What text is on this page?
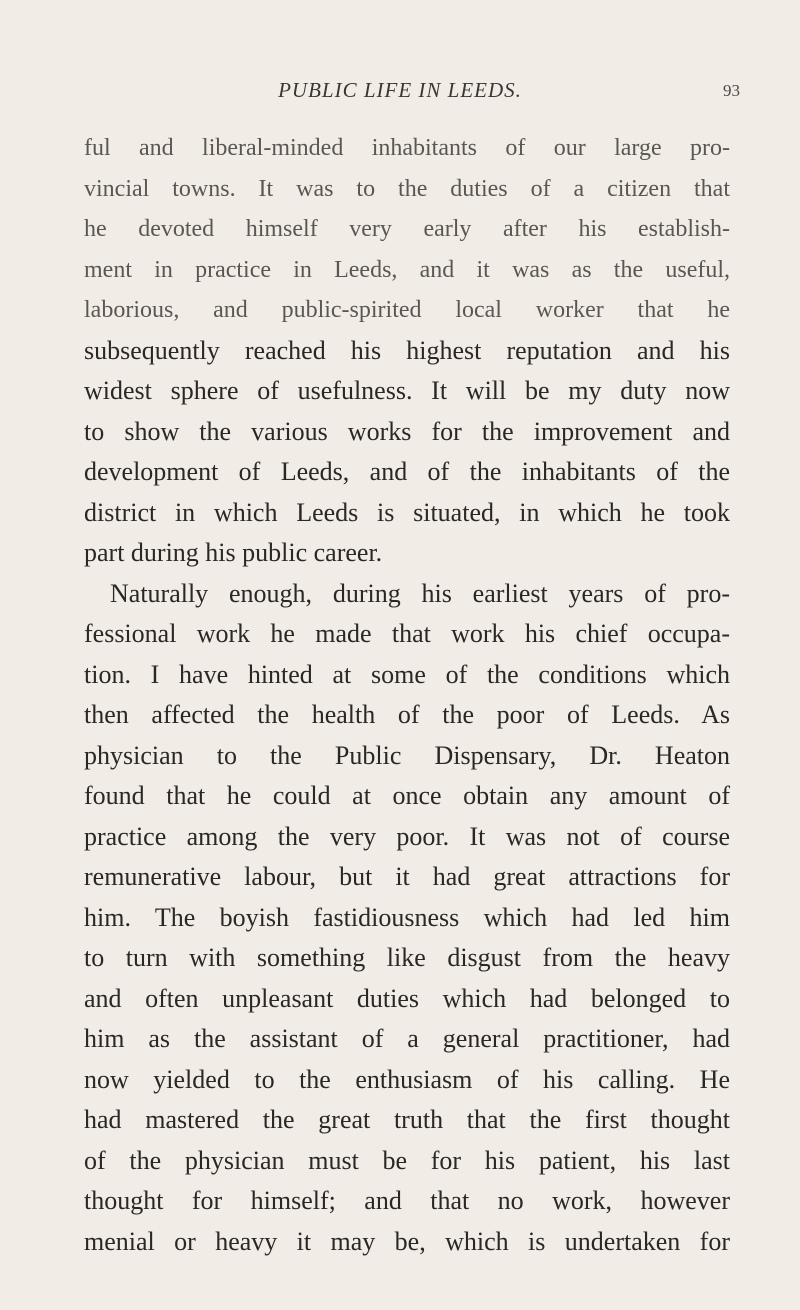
PUBLIC LIFE IN LEEDS.	93
ful and liberal-minded inhabitants of our large pro-
vincial towns. It was to the duties of a citizen that
he devoted himself very early after his establish-
ment in practice in Leeds, and it was as the useful,
laborious, and public-spirited local worker that he
subsequently reached his highest reputation and his
widest sphere of usefulness. It will be my duty now
to show the various works for the improvement and
development of Leeds, and of the inhabitants of the
district in which Leeds is situated, in which he took
part during his public career.
Naturally enough, during his earliest years of pro-
fessional work he made that work his chief occupa-
tion. I have hinted at some of the conditions which
then affected the health of the poor of Leeds. As
physician to the Public Dispensary, Dr. Heaton
found that he could at once obtain any amount of
practice among the very poor. It was not of course
remunerative labour, but it had great attractions for
him. The boyish fastidiousness which had led him
to turn with something like disgust from the heavy
and often unpleasant duties which had belonged to
him as the assistant of a general practitioner, had
now yielded to the enthusiasm of his calling. He
had mastered the great truth that the first thought
of the physician must be for his patient, his last
thought for himself; and that no work, however
menial or heavy it may be, which is undertaken for
